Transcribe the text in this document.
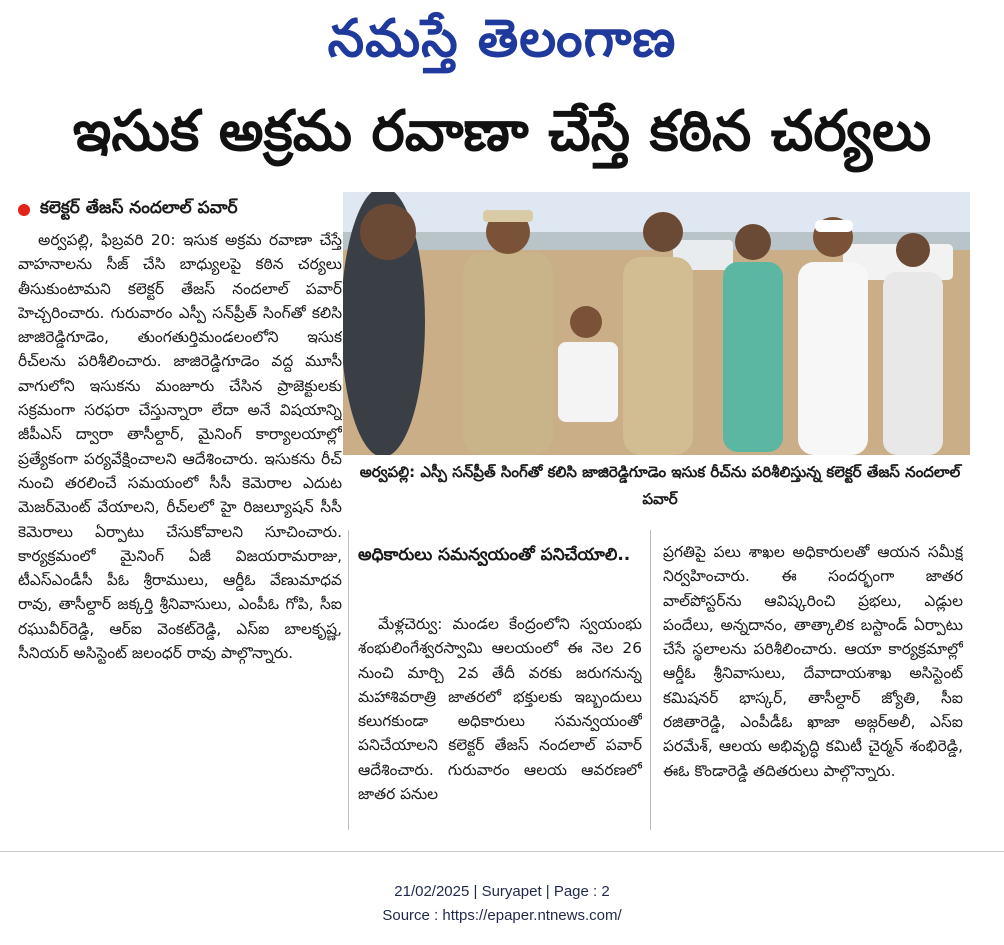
నమస్తే తెలంగాణ
ఇసుక అక్రమ రవాణా చేస్తే కఠిన చర్యలు
కలెక్టర్ తేజస్ నందలాల్ పవార్

అర్వపల్లి, ఫిబ్రవరి 20: ఇసుక అక్రమ రవాణా చేస్తే వాహనాలను సీజ్ చేసి బాధ్యులపై కఠిన చర్యలు తీసుకుంటామని కలెక్టర్ తేజస్ నందలాల్ పవార్ హెచ్చరించారు. గురువారం ఎస్పీ సన్‌ప్రీత్ సింగ్‌తో కలిసి జాజిరెడ్డిగూడెం, తుంగతుర్తిమండలంలోని ఇసుక రీచ్‌లను పరిశీలించారు. జాజిరెడ్డిగూడెం వద్ద మూసీ వాగులోని ఇసుకను మంజూరు చేసిన ప్రాజెక్టులకు సక్రమంగా సరఫరా చేస్తున్నారా లేదా అనే విషయాన్ని జీపీఎస్ ద్వారా తాసీల్దార్, మైనింగ్ కార్యాలయాల్లో ప్రత్యేకంగా పర్యవేక్షించాలని ఆదేశించారు. ఇసుకను రీచ్ నుంచి తరలించే సమయంలో సీసీ కెమెరాల ఎదుట మెజర్‌మెంట్ వేయాలని, రీచ్‌లలో హై రిజల్యూషన్ సీసీ కెమెరాలు ఏర్పాటు చేసుకోవాలని సూచించారు. కార్యక్రమంలో మైనింగ్ ఏజీ విజయరామరాజు, టీఎస్ఎండీసీ పీఓ శ్రీరాములు, ఆర్డీఓ వేణుమాధవ రావు, తాసీల్దార్ జక్కర్తి శ్రీనివాసులు, ఎంపీఓ గోపి, సీఐ రఘువీర్‌రెడ్డి, ఆర్ఐ వెంకట్‌రెడ్డి, ఎస్ఐ బాలకృష్ణ, సీనియర్ అసిస్టెంట్ జలంధర్ రావు పాల్గొన్నారు.

అర్వపల్లి: ఎస్పీ సన్‌ప్రీత్ సింగ్‌తో కలిసి జాజిరెడ్డిగూడెం ఇసుక రీచ్‌ను పరిశీలిస్తున్న కలెక్టర్ తేజస్ నందలాల్ పవార్
అధికారులు సమన్వయంతో పనిచేయాలి..

మేళ్లచెర్వు: మండల కేంద్రంలోని స్వయంభు శంభులింగేశ్వరస్వామి ఆలయంలో ఈ నెల 26 నుంచి మార్చి 2వ తేదీ వరకు జరుగనున్న మహాశివరాత్రి జాతరలో భక్తులకు ఇబ్బందులు కలుగకుండా అధికారులు సమన్వయంతో పనిచేయాలని కలెక్టర్ తేజస్ నందలాల్ పవార్ ఆదేశించారు. గురువారం ఆలయ ఆవరణలో జాతర పనుల

ప్రగతిపై పలు శాఖల అధికారులతో ఆయన సమీక్ష నిర్వహించారు. ఈ సందర్భంగా జాతర వాల్‌పోస్టర్‌ను ఆవిష్కరించి ప్రభలు, ఎడ్లుల పందేలు, అన్నదానం, తాత్కాలిక బస్టాండ్ ఏర్పాటు చేసే స్థలాలను పరిశీలించారు. ఆయా కార్యక్రమాల్లో ఆర్డీఓ శ్రీనివాసులు, దేవాదాయశాఖ అసిస్టెంట్ కమిషనర్ భాస్కర్, తాసీల్దార్ జ్యోతి, సీఐ రజితారెడ్డి, ఎంపీడీఓ ఖాజా అజ్గర్‌అలీ, ఎస్ఐ పరమేశ్, ఆలయ అభివృద్ధి కమిటీ చైర్మన్ శంభిరెడ్డి, ఈఓ కొండారెడ్డి తదితరులు పాల్గొన్నారు.

21/02/2025 | Suryapet | Page : 2
Source : https://epaper.ntnews.com/
